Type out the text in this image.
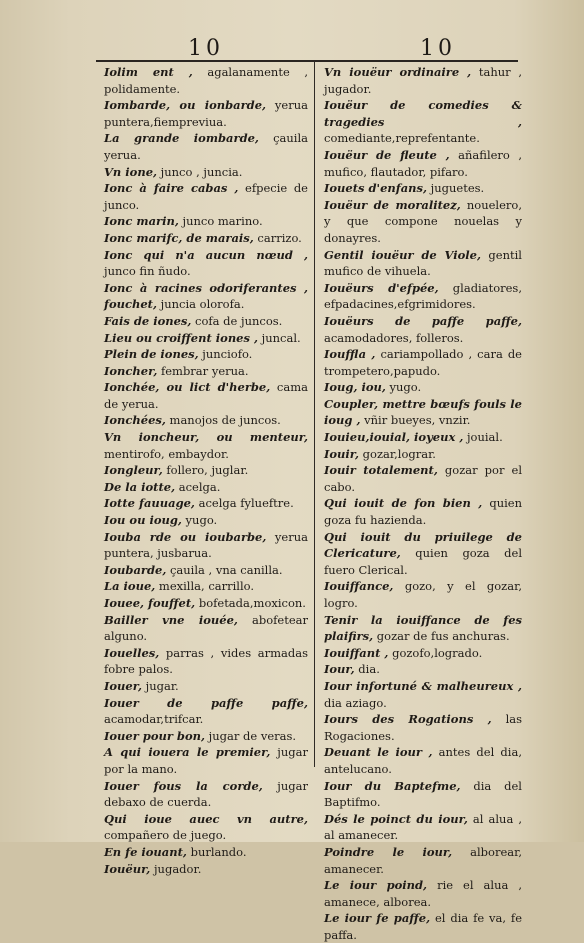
10	10
Iolim ent , agalanamente , polidamente.
Iombarde, ou ionbarde, yerua puntera,fiempreviua.
La grande iombarde, çauila yerua.
Vn ione, junco , juncia.
Ionc à faire cabas , efpecie de junco.
Ionc marin, junco marino.
Ionc marifc, de marais, carrizo.
Ionc qui n'a aucun nœud , junco fin ñudo.
Ionc à racines odoriferantes , fouchet, juncia olorofa.
Fais de iones, cofa de juncos.
Lieu ou croiffent iones , juncal.
Plein de iones, junciofo.
Ioncher, fembrar yerua.
Ionchée, ou lict d'herbe, cama de yerua.
Ionchées, manojos de juncos.
Vn ioncheur, ou menteur, mentirofo, embaydor.
Iongleur, follero, juglar.
De la iotte, acelga.
Iotte fauuage, acelga fylueftre.
Iou ou ioug, yugo.
Iouba rde ou ioubarbe, yerua puntera, jusbarua.
Ioubarde, çauila , vna canilla.
La ioue, mexilla, carrillo.
Iouee, fouffet, bofetada,moxicon.
Bailler vne iouée, abofetear alguno.
Iouelles, parras , vides armadas fobre palos.
Iouer, jugar.
Iouer de paffe paffe, acamodar,trifcar.
Iouer pour bon, jugar de veras.
A qui iouera le premier, jugar por la mano.
Iouer fous la corde, jugar debaxo de cuerda.
Qui ioue auec vn autre, compañero de juego.
En fe iouant, burlando.
Iouëur, jugador.
Vn iouëur ordinaire , tahur , jugador.
Iouëur de comedies & tragedies , comediante,reprefentante.
Iouëur de fleute , añafilero , mufico, flautador, pifaro.
Iouets d'enfans, juguetes.
Iouëur de moralitez, nouelero, y que compone nouelas y donayres.
Gentil iouëur de Viole, gentil mufico de vihuela.
Iouëurs d'efpée, gladiatores, efpadacines,efgrimidores.
Iouëurs de paffe paffe, acamodadores, folleros.
Iouffla , cariampollado , cara de trompetero,papudo.
Ioug, iou, yugo.
Coupler, mettre bœufs fouls le ioug , vñir bueyes, vnzir.
Iouieu,iouial, ioyeux , jouial.
Iouir, gozar,lograr.
Iouir totalement, gozar por el cabo.
Qui iouit de fon bien , quien goza fu hazienda.
Qui iouit du priuilege de Clericature, quien goza del fuero Clerical.
Iouiffance, gozo, y el gozar, logro.
Tenir la iouiffance de fes plaifirs, gozar de fus anchuras.
Iouiffant , gozofo,logrado.
Iour, dia.
Iour infortuné & malheureux , dia aziago.
Iours des Rogations , las Rogaciones.
Deuant le iour , antes del dia, antelucano.
Iour du Baptefme, dia del Baptifmo.
Dés le poinct du iour, al alua , al amanecer.
Poindre le iour, alborear, amanecer.
Le iour poind, rie el alua , amanece, alborea.
Le iour fe paffe, el dia fe va, fe paffa.
